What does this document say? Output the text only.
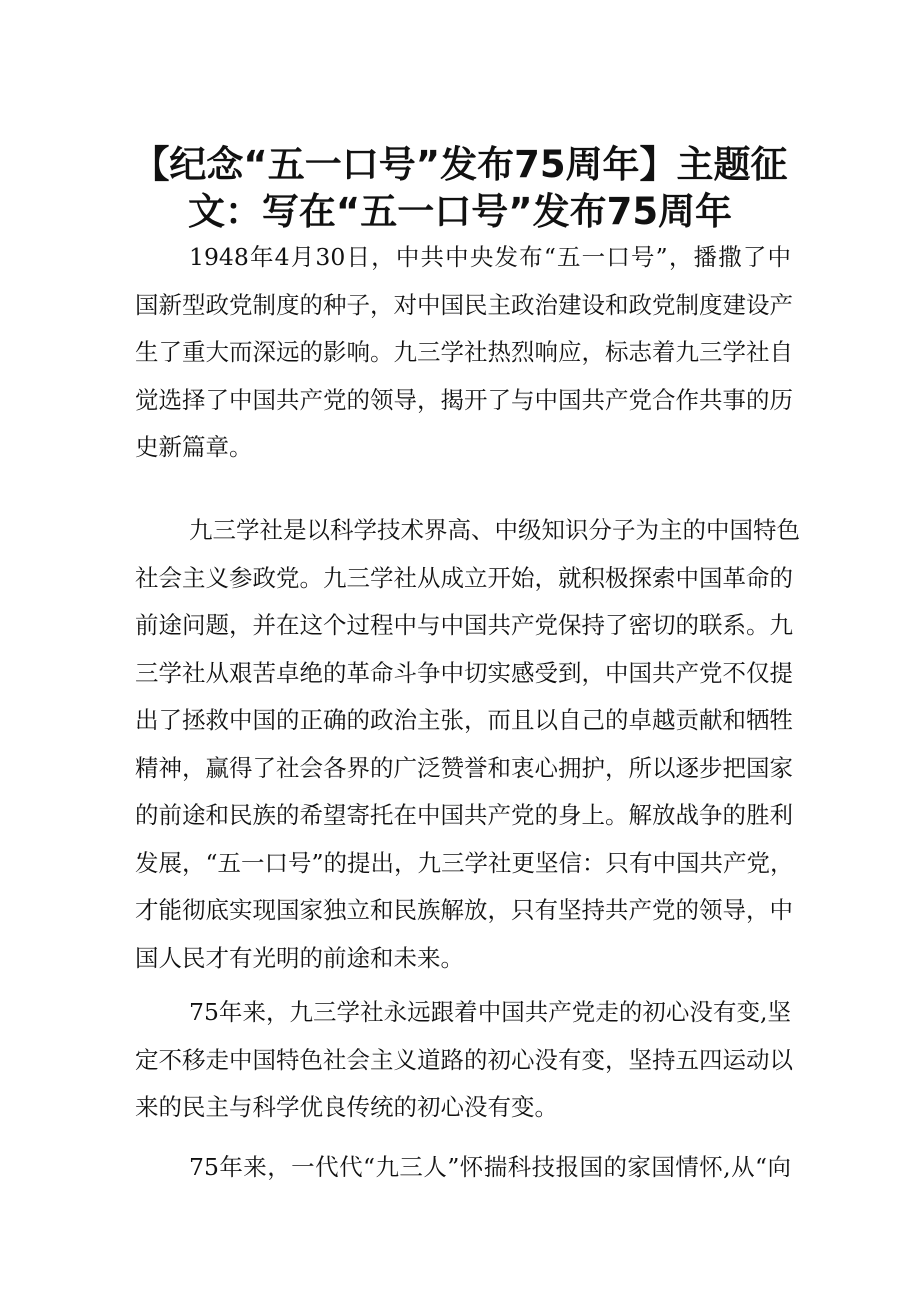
【纪念“五一口号”发布75周年】主题征
文：写在“五一口号”发布75周年
1948年4月30日，中共中央发布“五一口号”，播撒了中
国新型政党制度的种子，对中国民主政治建设和政党制度建设产
生了重大而深远的影响。九三学社热烈响应，标志着九三学社自
觉选择了中国共产党的领导，揭开了与中国共产党合作共事的历
史新篇章。
九三学社是以科学技术界高、中级知识分子为主的中国特色
社会主义参政党。九三学社从成立开始，就积极探索中国革命的
前途问题，并在这个过程中与中国共产党保持了密切的联系。九
三学社从艰苦卓绝的革命斗争中切实感受到，中国共产党不仅提
出了拯救中国的正确的政治主张，而且以自己的卓越贡献和牺牲
精神，赢得了社会各界的广泛赞誉和衷心拥护，所以逐步把国家
的前途和民族的希望寄托在中国共产党的身上。解放战争的胜利
发展，“五一口号”的提出，九三学社更坚信：只有中国共产党，
才能彻底实现国家独立和民族解放，只有坚持共产党的领导，中
国人民才有光明的前途和未来。
75年来，九三学社永远跟着中国共产党走的初心没有变,坚
定不移走中国特色社会主义道路的初心没有变，坚持五四运动以
来的民主与科学优良传统的初心没有变。
75年来，一代代“九三人”怀揣科技报国的家国情怀,从“向
